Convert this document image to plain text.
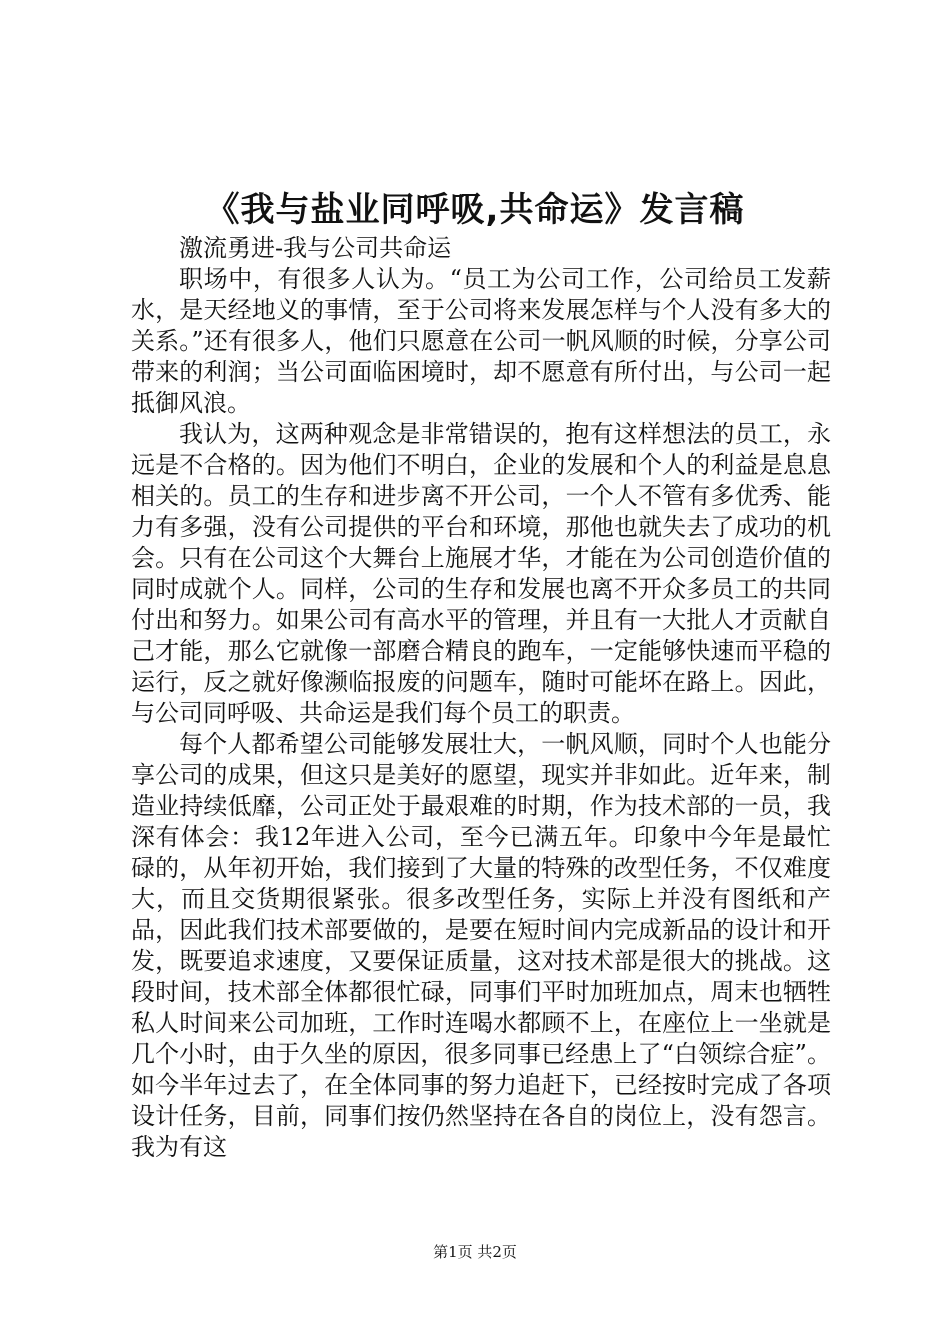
《我与盐业同呼吸,共命运》发言稿

激流勇进-我与公司共命运

职场中，有很多人认为。“员工为公司工作，公司给员工发薪水，是天经地义的事情，至于公司将来发展怎样与个人没有多大的关系。”还有很多人，他们只愿意在公司一帆风顺的时候，分享公司带来的利润；当公司面临困境时，却不愿意有所付出，与公司一起抵御风浪。

我认为，这两种观念是非常错误的，抱有这样想法的员工，永远是不合格的。因为他们不明白，企业的发展和个人的利益是息息相关的。员工的生存和进步离不开公司，一个人不管有多优秀、能力有多强，没有公司提供的平台和环境，那他也就失去了成功的机会。只有在公司这个大舞台上施展才华，才能在为公司创造价值的同时成就个人。同样，公司的生存和发展也离不开众多员工的共同付出和努力。如果公司有高水平的管理，并且有一大批人才贡献自己才能，那么它就像一部磨合精良的跑车，一定能够快速而平稳的运行，反之就好像濒临报废的问题车，随时可能坏在路上。因此，与公司同呼吸、共命运是我们每个员工的职责。

每个人都希望公司能够发展壮大，一帆风顺，同时个人也能分享公司的成果，但这只是美好的愿望，现实并非如此。近年来，制造业持续低靡，公司正处于最艰难的时期，作为技术部的一员，我深有体会：我12年进入公司，至今已满五年。印象中今年是最忙碌的，从年初开始，我们接到了大量的特殊的改型任务，不仅难度大，而且交货期很紧张。很多改型任务，实际上并没有图纸和产品，因此我们技术部要做的，是要在短时间内完成新品的设计和开发，既要追求速度，又要保证质量，这对技术部是很大的挑战。这段时间，技术部全体都很忙碌，同事们平时加班加点，周末也牺牲私人时间来公司加班，工作时连喝水都顾不上，在座位上一坐就是几个小时，由于久坐的原因，很多同事已经患上了“白领综合症”。如今半年过去了，在全体同事的努力追赶下，已经按时完成了各项设计任务，目前，同事们按仍然坚持在各自的岗位上，没有怨言。我为有这

第1页 共2页
